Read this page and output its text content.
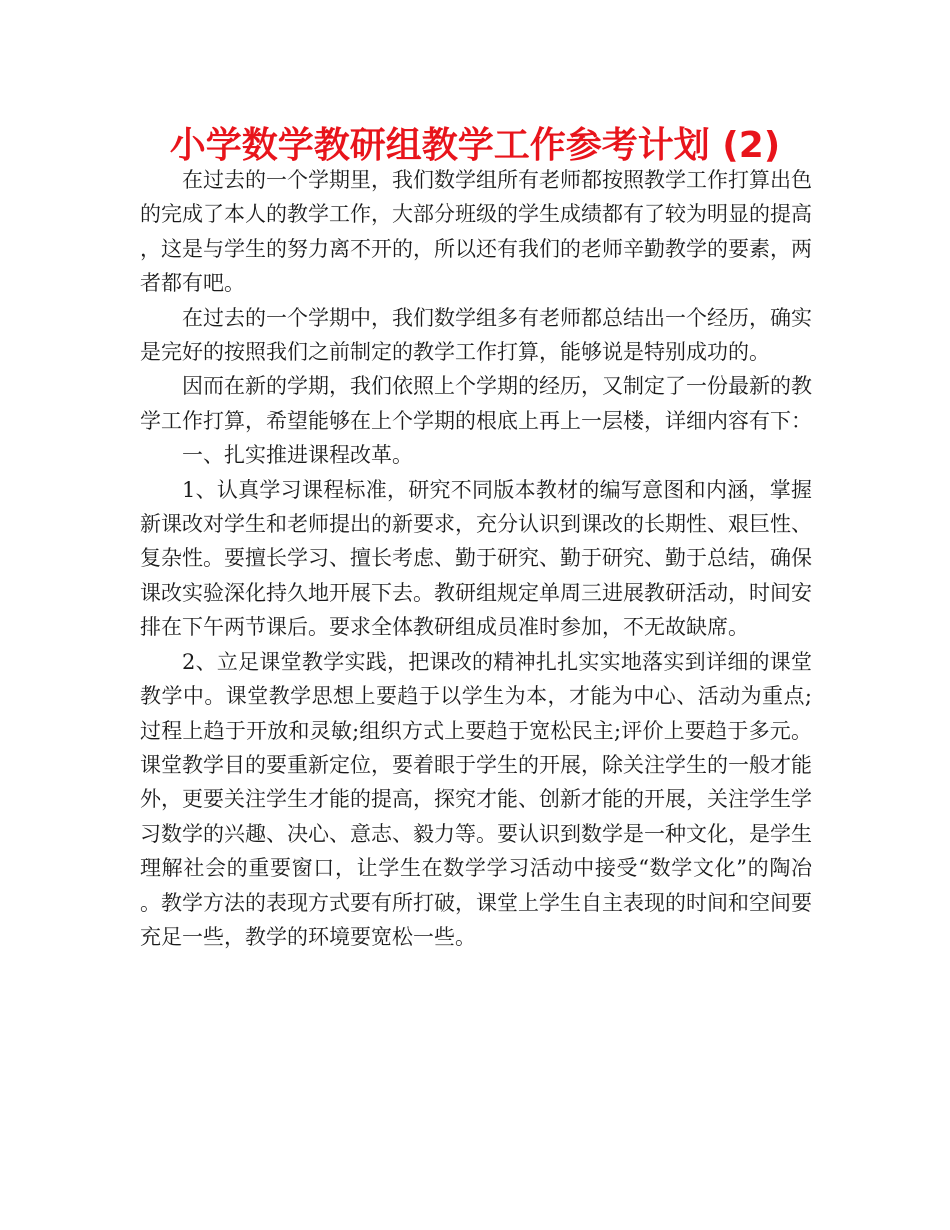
小学数学教研组教学工作参考计划 (2)

在过去的一个学期里，我们数学组所有老师都按照教学工作打算出色的完成了本人的教学工作，大部分班级的学生成绩都有了较为明显的提高，这是与学生的努力离不开的，所以还有我们的老师辛勤教学的要素，两者都有吧。

在过去的一个学期中，我们数学组多有老师都总结出一个经历，确实是完好的按照我们之前制定的教学工作打算，能够说是特别成功的。

因而在新的学期，我们依照上个学期的经历，又制定了一份最新的教学工作打算，希望能够在上个学期的根底上再上一层楼，详细内容有下：

一、扎实推进课程改革。

1、认真学习课程标准，研究不同版本教材的编写意图和内涵，掌握新课改对学生和老师提出的新要求，充分认识到课改的长期性、艰巨性、复杂性。要擅长学习、擅长考虑、勤于研究、勤于研究、勤于总结，确保课改实验深化持久地开展下去。教研组规定单周三进展教研活动，时间安排在下午两节课后。要求全体教研组成员准时参加，不无故缺席。

2、立足课堂教学实践，把课改的精神扎扎实实地落实到详细的课堂教学中。课堂教学思想上要趋于以学生为本，才能为中心、活动为重点;过程上趋于开放和灵敏;组织方式上要趋于宽松民主;评价上要趋于多元。课堂教学目的要重新定位，要着眼于学生的开展，除关注学生的一般才能外，更要关注学生才能的提高，探究才能、创新才能的开展，关注学生学习数学的兴趣、决心、意志、毅力等。要认识到数学是一种文化，是学生理解社会的重要窗口，让学生在数学学习活动中接受“数学文化”的陶冶。教学方法的表现方式要有所打破，课堂上学生自主表现的时间和空间要充足一些，教学的环境要宽松一些。
